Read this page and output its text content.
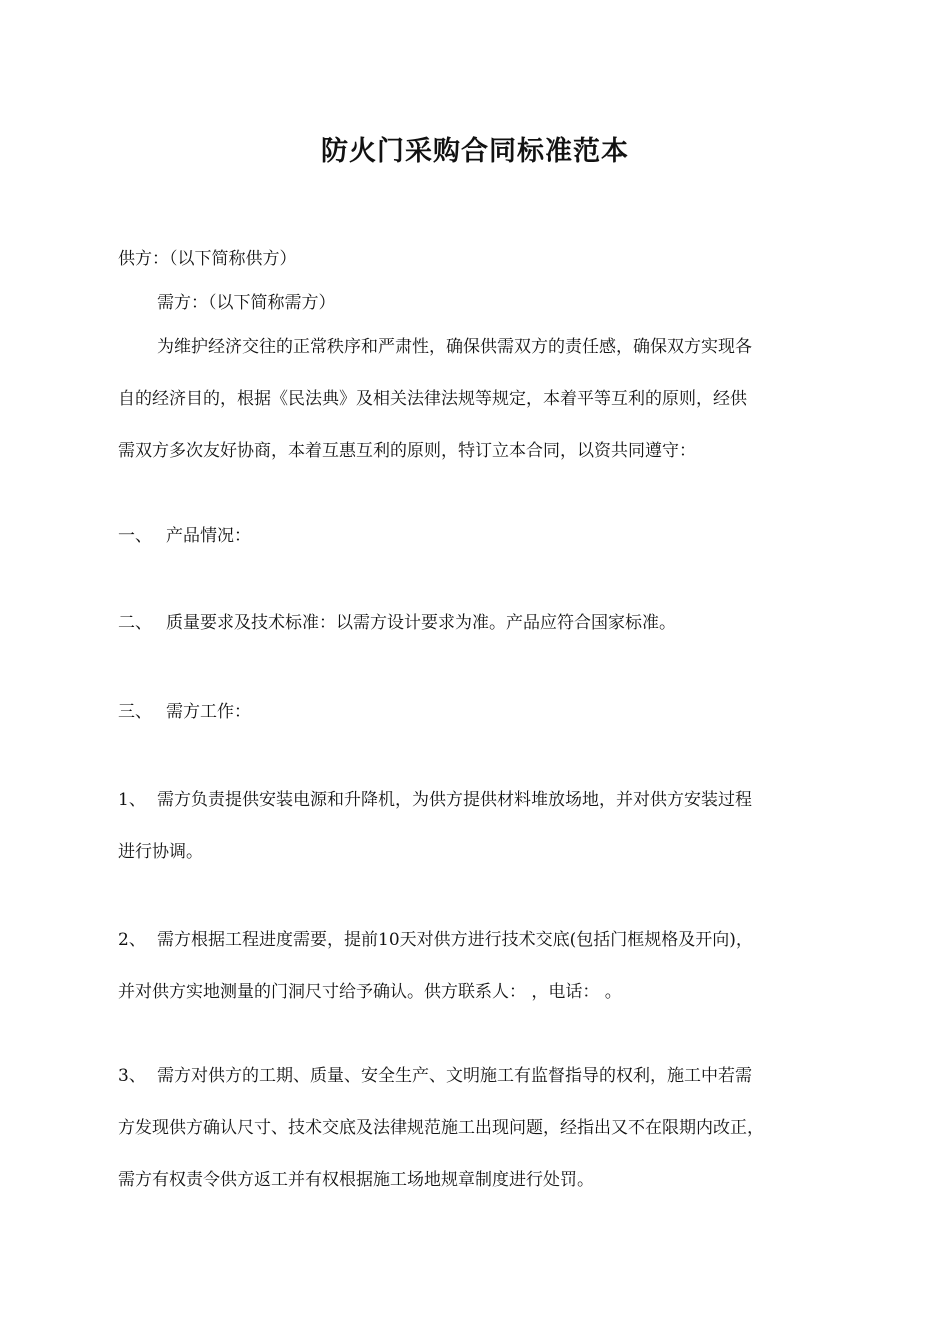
防火门采购合同标准范本
供方：（以下简称供方）
需方：（以下简称需方）
为维护经济交往的正常秩序和严肃性，确保供需双方的责任感，确保双方实现各
自的经济目的，根据《民法典》及相关法律法规等规定，本着平等互利的原则，经供
需双方多次友好协商，本着互惠互利的原则，特订立本合同，以资共同遵守：
一、 产品情况：
二、 质量要求及技术标准：以需方设计要求为准。产品应符合国家标准。
三、 需方工作：
1、 需方负责提供安装电源和升降机，为供方提供材料堆放场地，并对供方安装过程
进行协调。
2、 需方根据工程进度需要，提前10天对供方进行技术交底(包括门框规格及开向)，
并对供方实地测量的门洞尺寸给予确认。供方联系人： ，电话： 。
3、 需方对供方的工期、质量、安全生产、文明施工有监督指导的权利，施工中若需
方发现供方确认尺寸、技术交底及法律规范施工出现问题，经指出又不在限期内改正，
需方有权责令供方返工并有权根据施工场地规章制度进行处罚。
